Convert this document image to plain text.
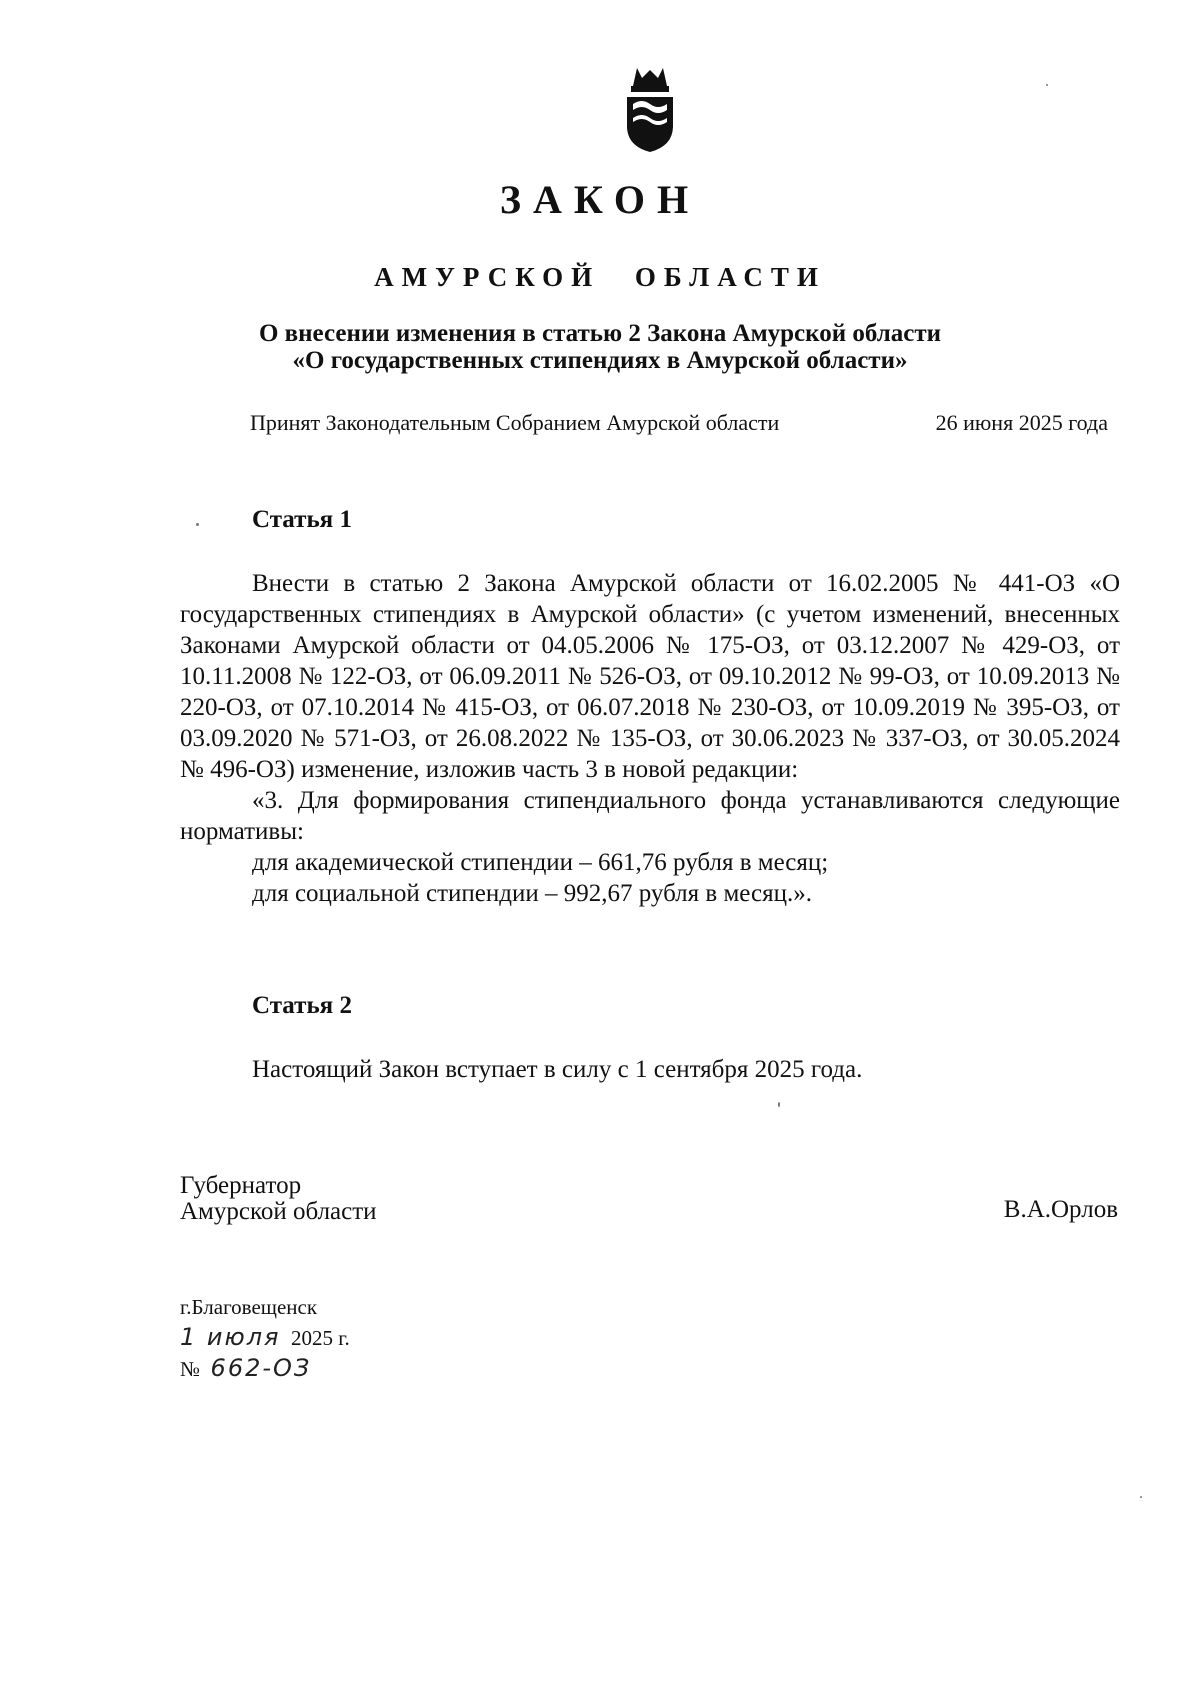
ЗАКОН
АМУРСКОЙ ОБЛАСТИ
О внесении изменения в статью 2 Закона Амурской области
«О государственных стипендиях в Амурской области»
Принят Законодательным Собранием Амурской области	26 июня 2025 года
Статья 1

Внести в статью 2 Закона Амурской области от 16.02.2005 № 441-ОЗ «О государственных стипендиях в Амурской области» (с учетом изменений, внесенных Законами Амурской области от 04.05.2006 № 175-ОЗ, от 03.12.2007 № 429-ОЗ, от 10.11.2008 № 122-ОЗ, от 06.09.2011 № 526-ОЗ, от 09.10.2012 № 99-ОЗ, от 10.09.2013 № 220-ОЗ, от 07.10.2014 № 415-ОЗ, от 06.07.2018 № 230-ОЗ, от 10.09.2019 № 395-ОЗ, от 03.09.2020 № 571-ОЗ, от 26.08.2022 № 135-ОЗ, от 30.06.2023 № 337-ОЗ, от 30.05.2024 № 496-ОЗ) изменение, изложив часть 3 в новой редакции:

«3. Для формирования стипендиального фонда устанавливаются следующие нормативы:

для академической стипендии – 661,76 рубля в месяц;

для социальной стипендии – 992,67 рубля в месяц.».

Статья 2

Настоящий Закон вступает в силу с 1 сентября 2025 года.

Губернатор
Амурской области	В.А.Орлов
г.Благовещенск
1 июля 2025 г.
№ 662-ОЗ
